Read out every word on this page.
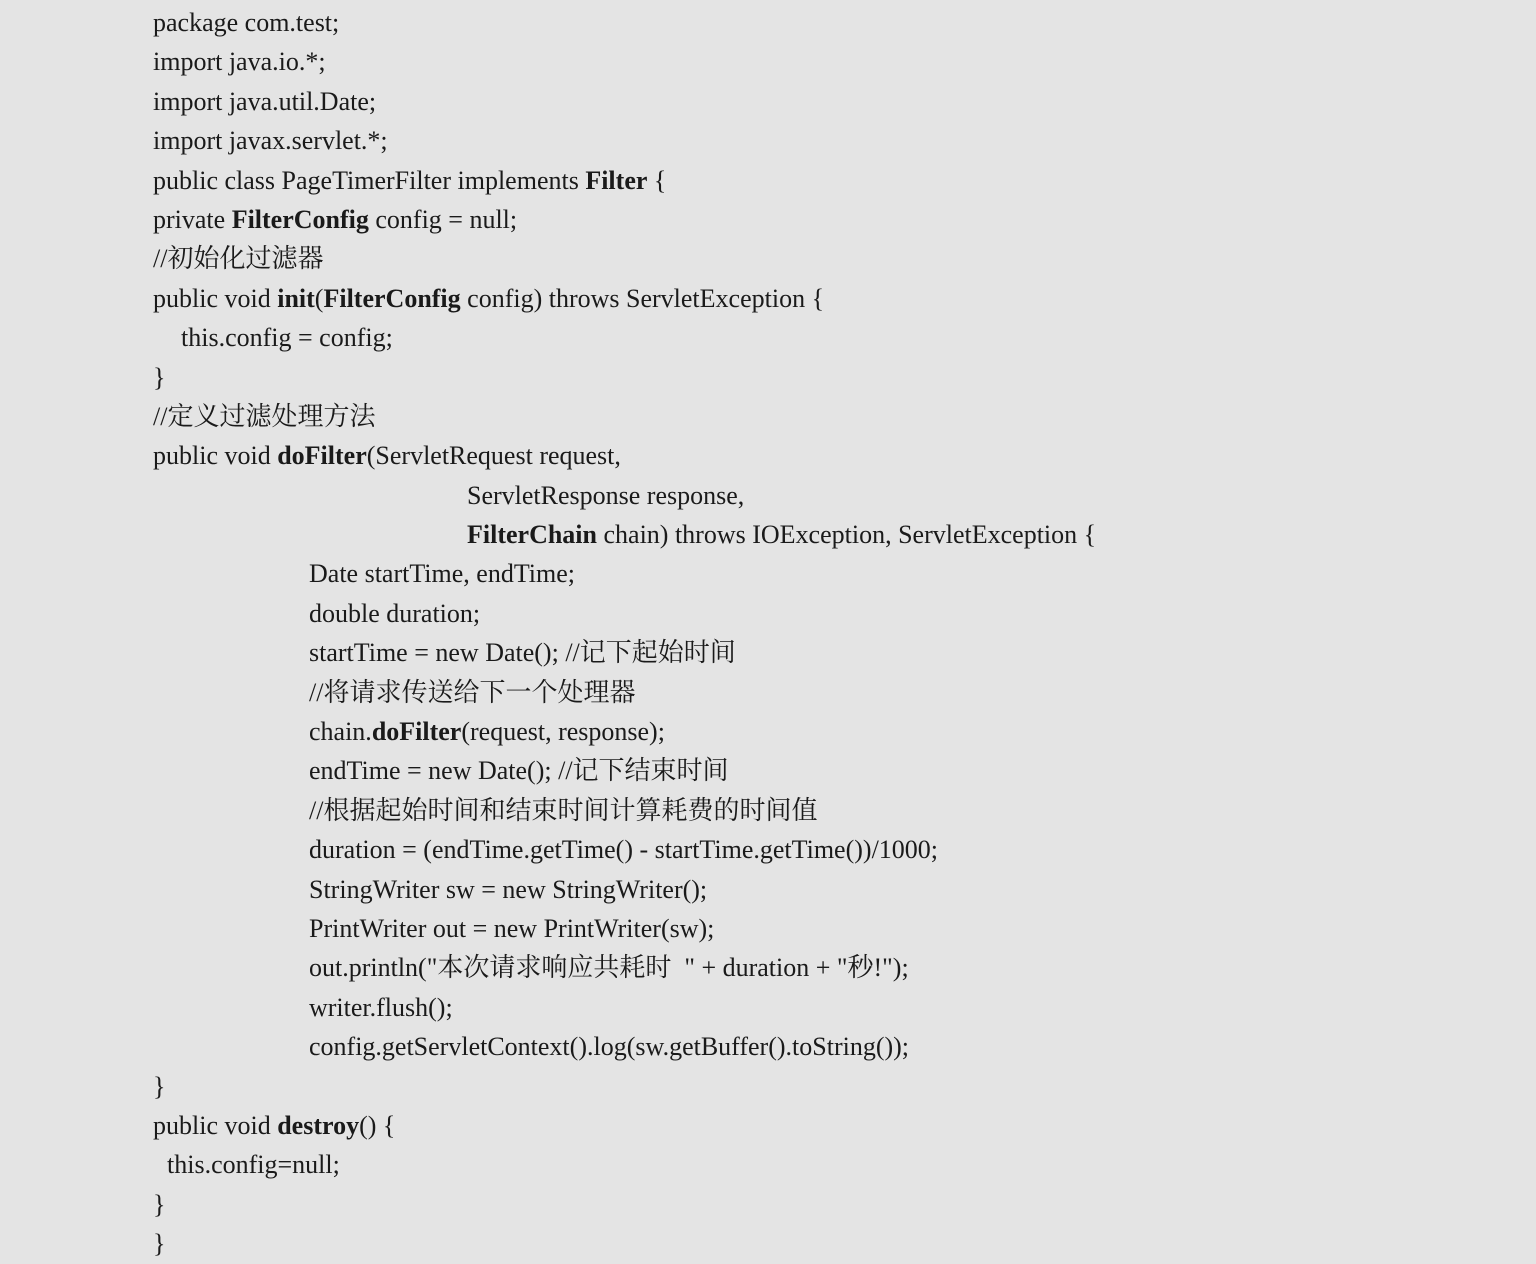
package com.test;
import java.io.*;
import java.util.Date;
import javax.servlet.*;
public class PageTimerFilter implements Filter {
private FilterConfig config = null;
//初始化过滤器
public void init(FilterConfig config) throws ServletException {
this.config = config;
}
//定义过滤处理方法
public void doFilter(ServletRequest request,
ServletResponse response,
FilterChain chain) throws IOException, ServletException {
Date startTime, endTime;
double duration;
startTime = new Date(); //记下起始时间
//将请求传送给下一个处理器
chain.doFilter(request, response);
endTime = new Date(); //记下结束时间
//根据起始时间和结束时间计算耗费的时间值
duration = (endTime.getTime() - startTime.getTime())/1000;
StringWriter sw = new StringWriter();
PrintWriter out = new PrintWriter(sw);
out.println("本次请求响应共耗时  " + duration + "秒!");
writer.flush();
config.getServletContext().log(sw.getBuffer().toString());
}
public void destroy() {
this.config=null;
}
}
